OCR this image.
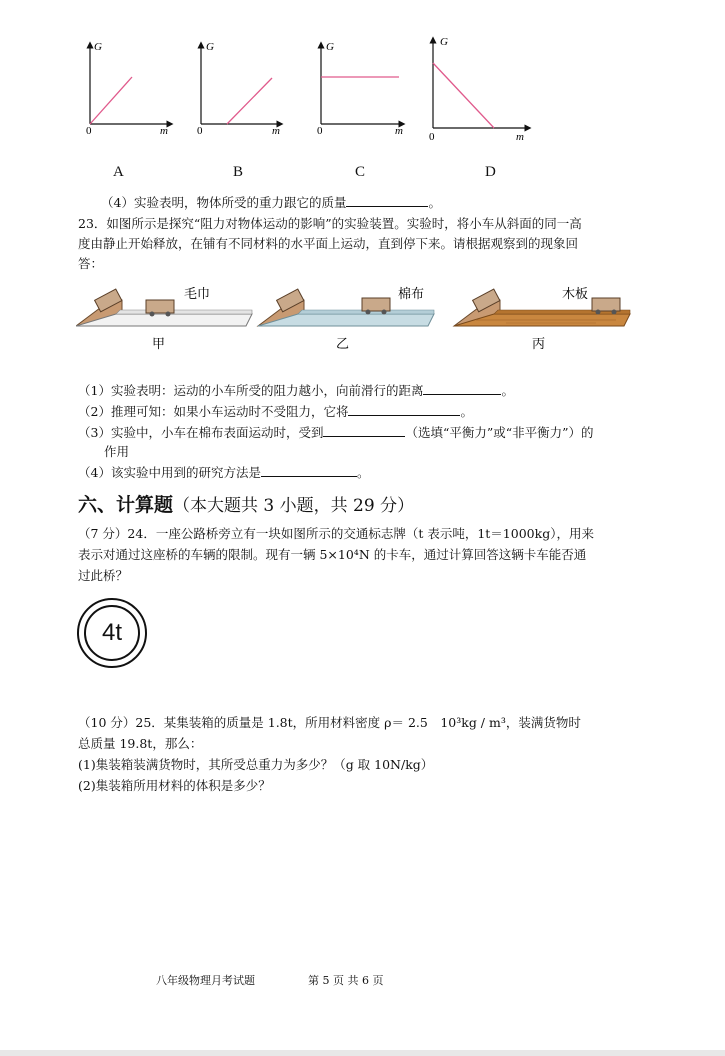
G
m
0
G
m
0
G
m
0
G
m
0
A	B	C	D
（4）实验表明，物体所受的重力跟它的质量	。
23．如图所示是探究“阻力对物体运动的影响”的实验装置。实验时，将小车从斜面的同一高
度由静止开始释放，在铺有不同材料的水平面上运动，直到停下来。请根据观察到的现象回
答：
毛巾	棉布	木板
甲	乙	丙
（1）实验表明：运动的小车所受的阻力越小，向前滑行的距离	。
（2）推理可知：如果小车运动时不受阻力，它将	。
（3）实验中，小车在棉布表面运动时，受到	（选填“平衡力”或“非平衡力”）的
作用
（4）该实验中用到的研究方法是	。
六、计算题（本大题共 3 小题，共 29 分）
（7 分）24．一座公路桥旁立有一块如图所示的交通标志牌（t 表示吨，1t＝1000kg），用来
表示对通过这座桥的车辆的限制。现有一辆 5×10⁴N 的卡车，通过计算回答这辆卡车能否通
过此桥？
4t
（10 分）25．某集装箱的质量是 1.8t，所用材料密度 ρ＝ 2.5　10³kg / m³，装满货物时
总质量 19.8t，那么：
(1)集装箱装满货物时，其所受总重力为多少？（g 取 10N/kg）
(2)集装箱所用材料的体积是多少？
八年级物理月考试题	第 5 页 共 6 页
